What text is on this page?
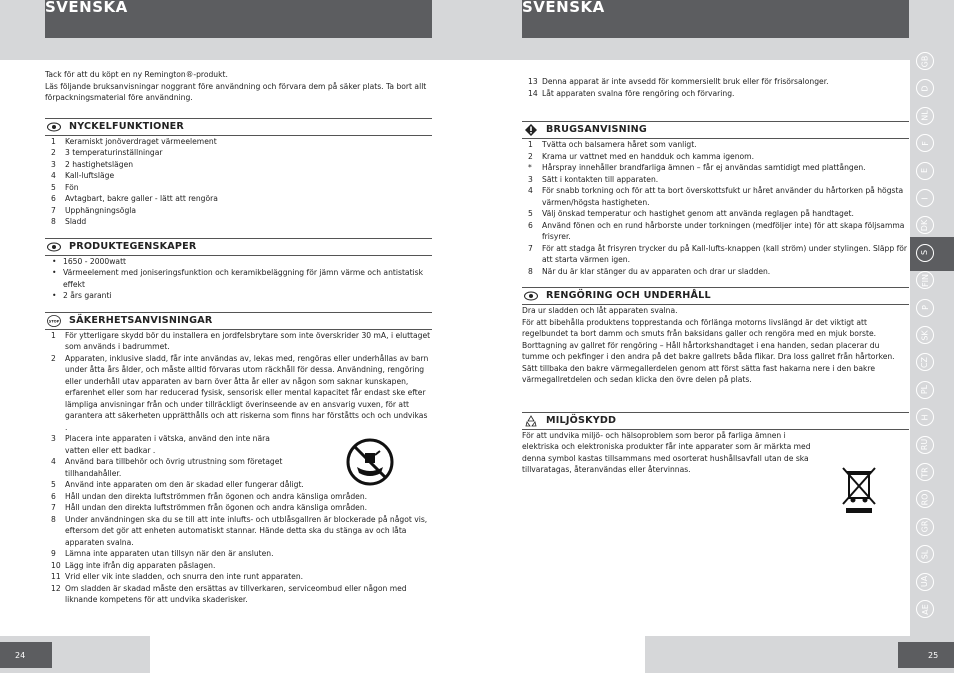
SVENSKA	SVENSKA
GB
D
NL
F
E
I
DK
S
FIN
P
SK
CZ
PL
H
RU
TR
RO
GR
SL
UA
AE
24	25

Tack för att du köpt en ny Remington®-produkt.

Läs följande bruksanvisningar noggrant före användning och förvara dem på säker plats. Ta bort allt förpackningsmaterial före användning.

NYCKELFUNKTIONER
1	Keramiskt jonöverdraget värmeelement
2	3 temperaturinställningar
3	2 hastighetslägen
4	Kall-luftsläge
5	Fön
6	Avtagbart, bakre galler - lätt att rengöra
7	Upphängningsögla
8	Sladd
PRODUKTEGENSKAPER
• 1650 - 2000watt
• Värmeelement med joniseringsfunktion och keramikbeläggning för jämn värme och antistatisk effekt
• 2 års garanti
STOP SÄKERHETSANVISNINGAR
1	För ytterligare skydd bör du installera en jordfelsbrytare som inte överskrider 30 mA, i eluttaget som används i badrummet.
2	Apparaten, inklusive sladd, får inte användas av, lekas med, rengöras eller underhållas av barn under åtta års ålder, och måste alltid förvaras utom räckhåll för dessa. Användning, rengöring eller underhåll utav apparaten av barn över åtta år eller av någon som saknar kunskapen, erfarenhet eller som har reducerad fysisk, sensorisk eller mental kapacitet får endast ske efter lämpliga anvisningar från och under tillräckligt överinseende av en ansvarig vuxen, för att garantera att säkerheten upprätthålls och att riskerna som finns har förståtts och och undvikas .
3	Placera inte apparaten i vätska, använd den inte nära vatten eller ett badkar .
4	Använd bara tillbehör och övrig utrustning som företaget tillhandahåller.
5	Använd inte apparaten om den är skadad eller fungerar dåligt.
6	Håll undan den direkta luftströmmen från ögonen och andra känsliga områden.
7	Håll undan den direkta luftströmmen från ögonen och andra känsliga områden.
8	Under användningen ska du se till att inte inlufts- och utblåsgallren är blockerade på något vis, eftersom det gör att enheten automatiskt stannar. Hände detta ska du stänga av och låta apparaten svalna.
9	Lämna inte apparaten utan tillsyn när den är ansluten.
10 Lägg inte ifrån dig apparaten påslagen.
11 Vrid eller vik inte sladden, och snurra den inte runt apparaten.
12 Om sladden är skadad måste den ersättas av tillverkaren, serviceombud eller någon med liknande kompetens för att undvika skaderisker.
13 Denna apparat är inte avsedd för kommersiellt bruk eller för frisörsalonger.
14 Låt apparaten svalna före rengöring och förvaring.
BRUGSANVISNING
1	Tvätta och balsamera håret som vanligt.
2	Krama ur vattnet med en handduk och kamma igenom.
*	Hårspray innehåller brandfarliga ämnen – får ej användas samtidigt med plattången.
3	Sätt i kontakten till apparaten.
4	För snabb torkning och för att ta bort överskottsfukt ur håret använder du hårtorken på högsta värmen/högsta hastigheten.
5	Välj önskad temperatur och hastighet genom att använda reglagen på handtaget.
6	Använd fönen och en rund hårborste under torkningen (medföljer inte) för att skapa följsamma frisyrer.
7	För att stadga åt frisyren trycker du på Kall-lufts-knappen (kall ström) under stylingen. Släpp för att starta värmen igen.
8	När du är klar stänger du av apparaten och drar ur sladden.
RENGÖRING OCH UNDERHÅLL

Dra ur sladden och låt apparaten svalna.

För att bibehålla produktens topprestanda och förlänga motorns livslängd är det viktigt att regelbundet ta bort damm och smuts från baksidans galler och rengöra med en mjuk borste. Borttagning av gallret för rengöring – Håll hårtorkshandtaget i ena handen, sedan placerar du tumme och pekfinger i den andra på det bakre gallrets båda flikar. Dra loss gallret från hårtorken.

Sätt tillbaka den bakre värmegallerdelen genom att först sätta fast hakarna nere i den bakre värmegallretdelen och sedan klicka den övre delen på plats.

MILJÖSKYDD

För att undvika miljö- och hälsoproblem som beror på farliga ämnen i elektriska och elektroniska produkter får inte apparater som är märkta med denna symbol kastas tillsammans med osorterat hushållsavfall utan de ska tillvaratagas, återanvändas eller återvinnas.
